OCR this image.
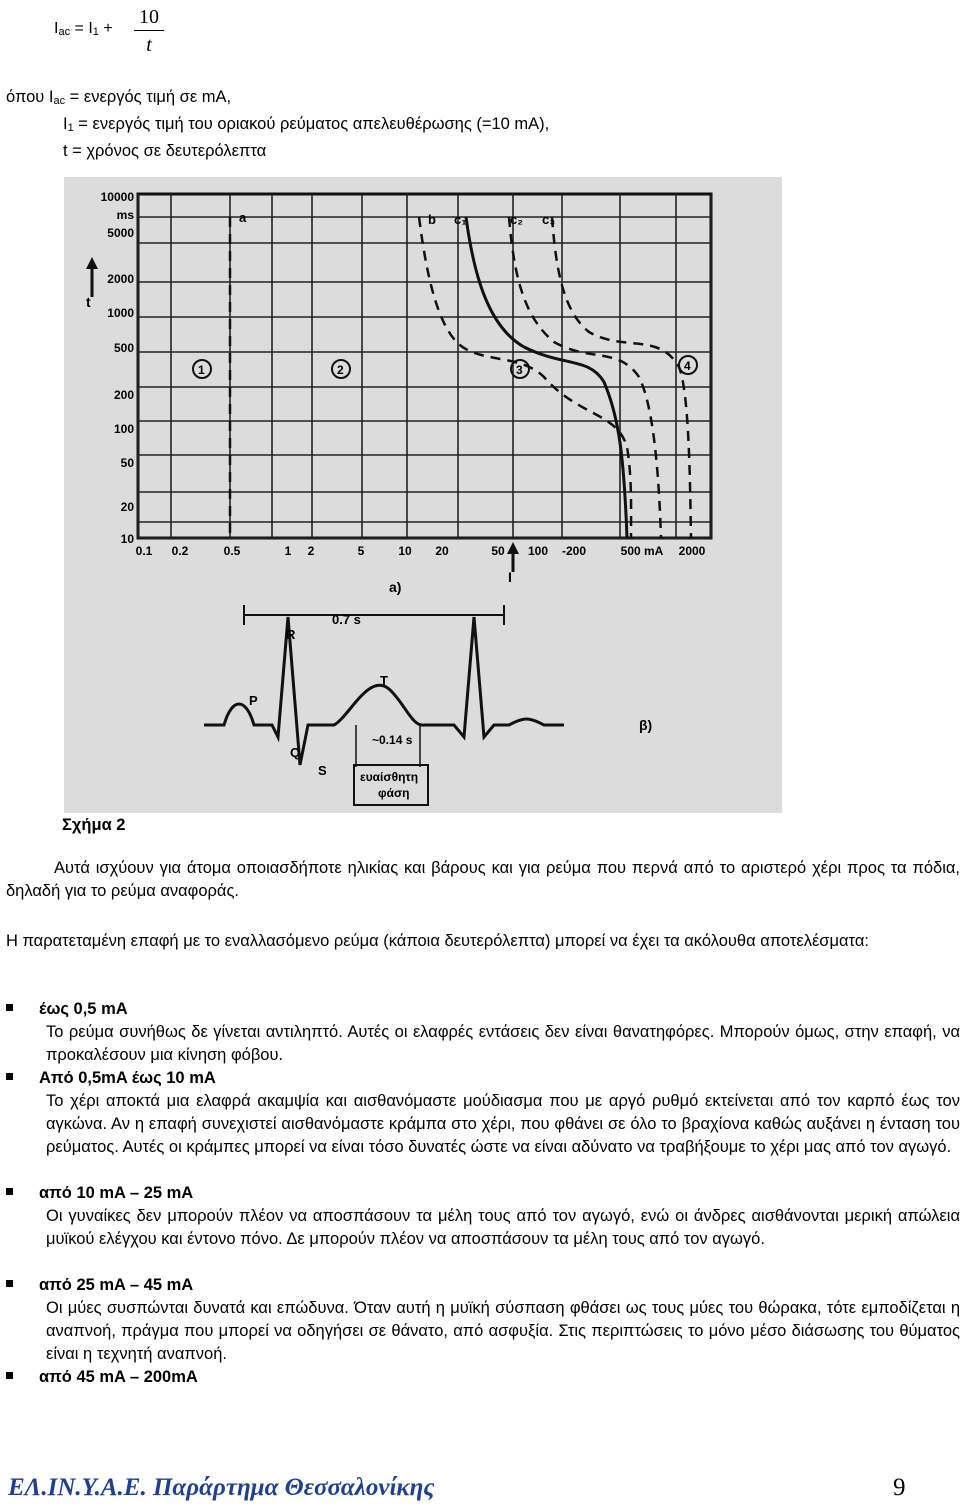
$I_{ac} = I_1 + \frac{10}{t}$
όπου $I_{ac} = \varepsilon\nu\varepsilon\rho\gamma ό\varsigma$ τιμή σε mA,
$I_1 = \varepsilon\nu\varepsilon\rho\gamma ό\varsigma$ τιμή του οριακού ρεύματος απελευθέρωσης (=10 mA),
t = χρόνος σε δευτερόλεπτα
10000
ms
5000
2000
1000
500
200
100
50
20
10
0.1 0.2	0.5	1 2	5	10 20	50 100 -200	500 mA 2000
t
I
a)
a	b c₁	c₂ c₃
1	2	3	4
0.7 s
R
P
T
Q
S
~0.14 s
ευαίσθητη
φάση
β)
Σχήμα 2
Αυτά ισχύουν για άτομα οποιασδήποτε ηλικίας και βάρους και για ρεύμα που περνά από το αριστερό χέρι προς τα πόδια, δηλαδή για το ρεύμα αναφοράς.
Η παρατεταμένη επαφή με το εναλλασόμενο ρεύμα (κάποια δευτερόλεπτα) μπορεί να έχει τα ακόλουθα αποτελέσματα:
έως 0,5 mA
Το ρεύμα συνήθως δε γίνεται αντιληπτό. Αυτές οι ελαφρές εντάσεις δεν είναι θανατηφόρες. Μπορούν όμως, στην επαφή, να προκαλέσουν μια κίνηση φόβου.
Από 0,5mA έως 10 mA
Το χέρι αποκτά μια ελαφρά ακαμψία και αισθανόμαστε μούδιασμα που με αργό ρυθμό εκτείνεται από τον καρπό έως τον αγκώνα. Αν η επαφή συνεχιστεί αισθανόμαστε κράμπα στο χέρι, που φθάνει σε όλο το βραχίονα καθώς αυξάνει η ένταση του ρεύματος. Αυτές οι κράμπες μπορεί να είναι τόσο δυνατές ώστε να είναι αδύνατο να τραβήξουμε το χέρι μας από τον αγωγό.
από 10 mA – 25 mA
Οι γυναίκες δεν μπορούν πλέον να αποσπάσουν τα μέλη τους από τον αγωγό, ενώ οι άνδρες αισθάνονται μερική απώλεια μυϊκού ελέγχου και έντονο πόνο. Δε μπορούν πλέον να αποσπάσουν τα μέλη τους από τον αγωγό.
από 25 mA – 45 mA
Οι μύες συσπώνται δυνατά και επώδυνα. Όταν αυτή η μυϊκή σύσπαση φθάσει ως τους μύες του θώρακα, τότε εμποδίζεται η αναπνοή, πράγμα που μπορεί να οδηγήσει σε θάνατο, από ασφυξία. Στις περιπτώσεις το μόνο μέσο διάσωσης του θύματος είναι η τεχνητή αναπνοή.
από 45 mA – 200mA
ΕΛ.ΙΝ.Υ.Α.Ε. Παράρτημα Θεσσαλονίκης	9
